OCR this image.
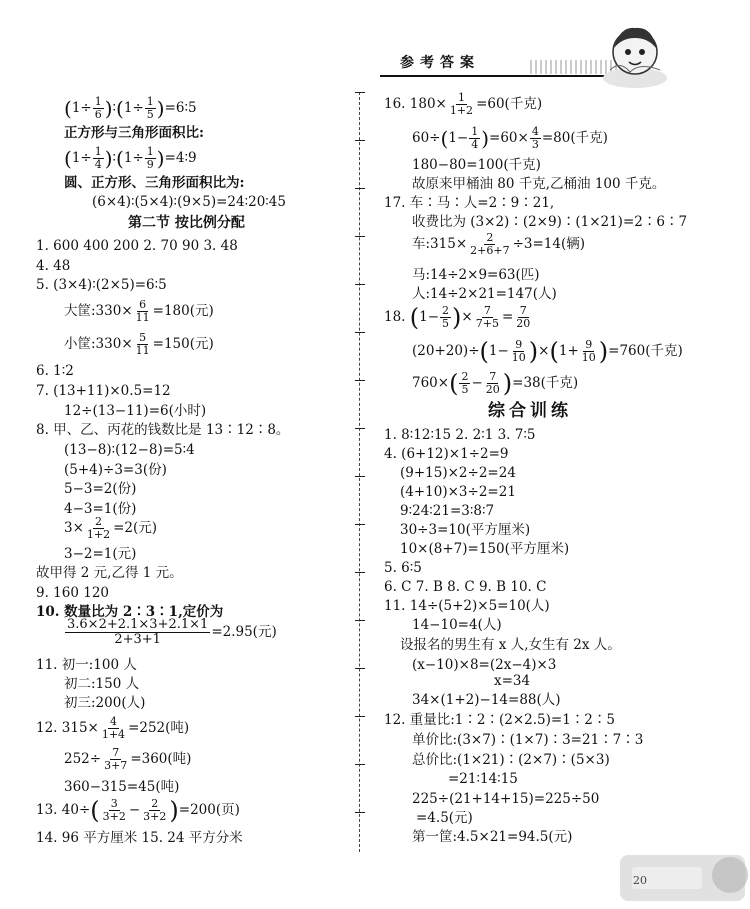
参考答案
($1\div \frac{1}{6}$ )∶(1÷ $\frac{1}{5}$ )=6∶5
正方形与三角形面积比:
($1\div \frac{1}{4}$ )∶(1÷ $\frac{1}{9}$ )=4∶9
圆、正方形、三角形面积比为:
(6×4)∶(5×4)∶(9×5)=24∶20∶45
第二节 按比例分配
1. 600 400 200 2. 70 90 3. 48
4. 48
5. (3×4)∶(2×5)=6∶5
大筐:330× $\frac{6}{11} =180$(元)
小筐:330× $\frac{5}{11} =150$(元)
6. 1∶2
7. (13+11)×0.5=12
12÷(13−11)=6(小时)
8. 甲、乙、丙花的钱数比是 13∶12∶8。
(13−8)∶(12−8)=5∶4
(5+4)÷3=3(份)
5−3=2(份)
4−3=1(份)
$3\times \frac{2}{1+2} =2$(元)
3−2=1(元)
故甲得 2 元,乙得 1 元。
9. 160 120
10. 数量比为 2∶3∶1,定价为
$\frac{3.6\times 2+2.1\times 3+2.1\times 1}{2+3+1} =2.95$(元)
11. 初一:100 人
初二:150 人
初三:200(人)
12. $315\times \frac{4}{1+4} =252$(吨)
$252\div \frac{7}{3+7} =360$(吨)
360−315=45(吨)
13. $40\div( \frac{3}{3+2} - \frac{2}{3+2} )=200$(页)
14. 96 平方厘米 15. 24 平方分米
16. $180\times \frac{1}{1+2} =60$(千克)
$60\div(1- \frac{1}{4} )=60\times \frac{4}{3} =80$(千克)
180−80=100(千克)
故原来甲桶油 80 千克,乙桶油 100 千克。
17. 车∶马∶人=2∶9∶21,
收费比为 (3×2)∶(2×9)∶(1×21)=2∶6∶7
车:315× $\frac{2}{2+6+7} \div 3=14$(辆)
马:14÷2×9=63(匹)
人:14÷2×21=147(人)
18. ($1- \frac{2}{5}$ )× $\frac{7}{7+5} = \frac{7}{20}$
$(20+20)\div(1- \frac{9}{10} )\times(1+ \frac{9}{10} )=760$(千克)
$760\times( \frac{2}{5} - \frac{7}{20} )=38$(千克)
综合训练
1. 8∶12∶15 2. 2∶1 3. 7∶5
4. (6+12)×1÷2=9
(9+15)×2÷2=24
(4+10)×3÷2=21
9∶24∶21=3∶8∶7
30÷3=10(平方厘米)
10×(8+7)=150(平方厘米)
5. 6∶5
6. C 7. B 8. C 9. B 10. C
11. 14÷(5+2)×5=10(人)
14−10=4(人)
设报名的男生有 x 人,女生有 2x 人。
(x−10)×8=(2x−4)×3
x=34
34×(1+2)−14=88(人)
12. 重量比:1∶2∶(2×2.5)=1∶2∶5
单价比:(3×7)∶(1×7)∶3=21∶7∶3
总价比:(1×21)∶(2×7)∶(5×3)
=21∶14∶15
225÷(21+14+15)=225÷50
=4.5(元)
第一筐:4.5×21=94.5(元)
20
